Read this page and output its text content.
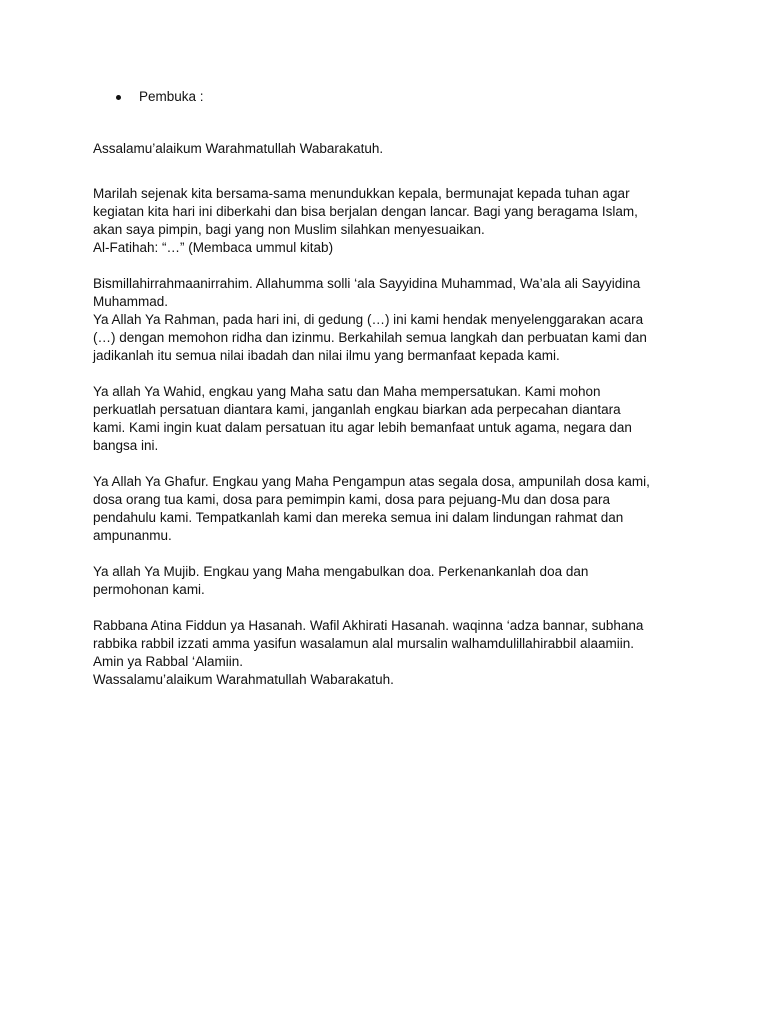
Pembuka :

Assalamu’alaikum Warahmatullah Wabarakatuh.

Marilah sejenak kita bersama-sama menundukkan kepala, bermunajat kepada tuhan agar
kegiatan kita hari ini diberkahi dan bisa berjalan dengan lancar. Bagi yang beragama Islam,
akan saya pimpin, bagi yang non Muslim silahkan menyesuaikan.
Al-Fatihah: “…” (Membaca ummul kitab)

Bismillahirrahmaanirrahim. Allahumma solli ‘ala Sayyidina Muhammad, Wa’ala ali Sayyidina
Muhammad.
Ya Allah Ya Rahman, pada hari ini, di gedung (…) ini kami hendak menyelenggarakan acara
(…) dengan memohon ridha dan izinmu. Berkahilah semua langkah dan perbuatan kami dan
jadikanlah itu semua nilai ibadah dan nilai ilmu yang bermanfaat kepada kami.

Ya allah Ya Wahid, engkau yang Maha satu dan Maha mempersatukan. Kami mohon
perkuatlah persatuan diantara kami, janganlah engkau biarkan ada perpecahan diantara
kami. Kami ingin kuat dalam persatuan itu agar lebih bemanfaat untuk agama, negara dan
bangsa ini.

Ya Allah Ya Ghafur. Engkau yang Maha Pengampun atas segala dosa, ampunilah dosa kami,
dosa orang tua kami, dosa para pemimpin kami, dosa para pejuang-Mu dan dosa para
pendahulu kami. Tempatkanlah kami dan mereka semua ini dalam lindungan rahmat dan
ampunanmu.

Ya allah Ya Mujib. Engkau yang Maha mengabulkan doa. Perkenankanlah doa dan
permohonan kami.

Rabbana Atina Fiddun ya Hasanah. Wafil Akhirati Hasanah. waqinna ‘adza bannar, subhana
rabbika rabbil izzati amma yasifun wasalamun alal mursalin walhamdulillahirabbil alaamiin.
Amin ya Rabbal ‘Alamiin.
Wassalamu’alaikum Warahmatullah Wabarakatuh.
